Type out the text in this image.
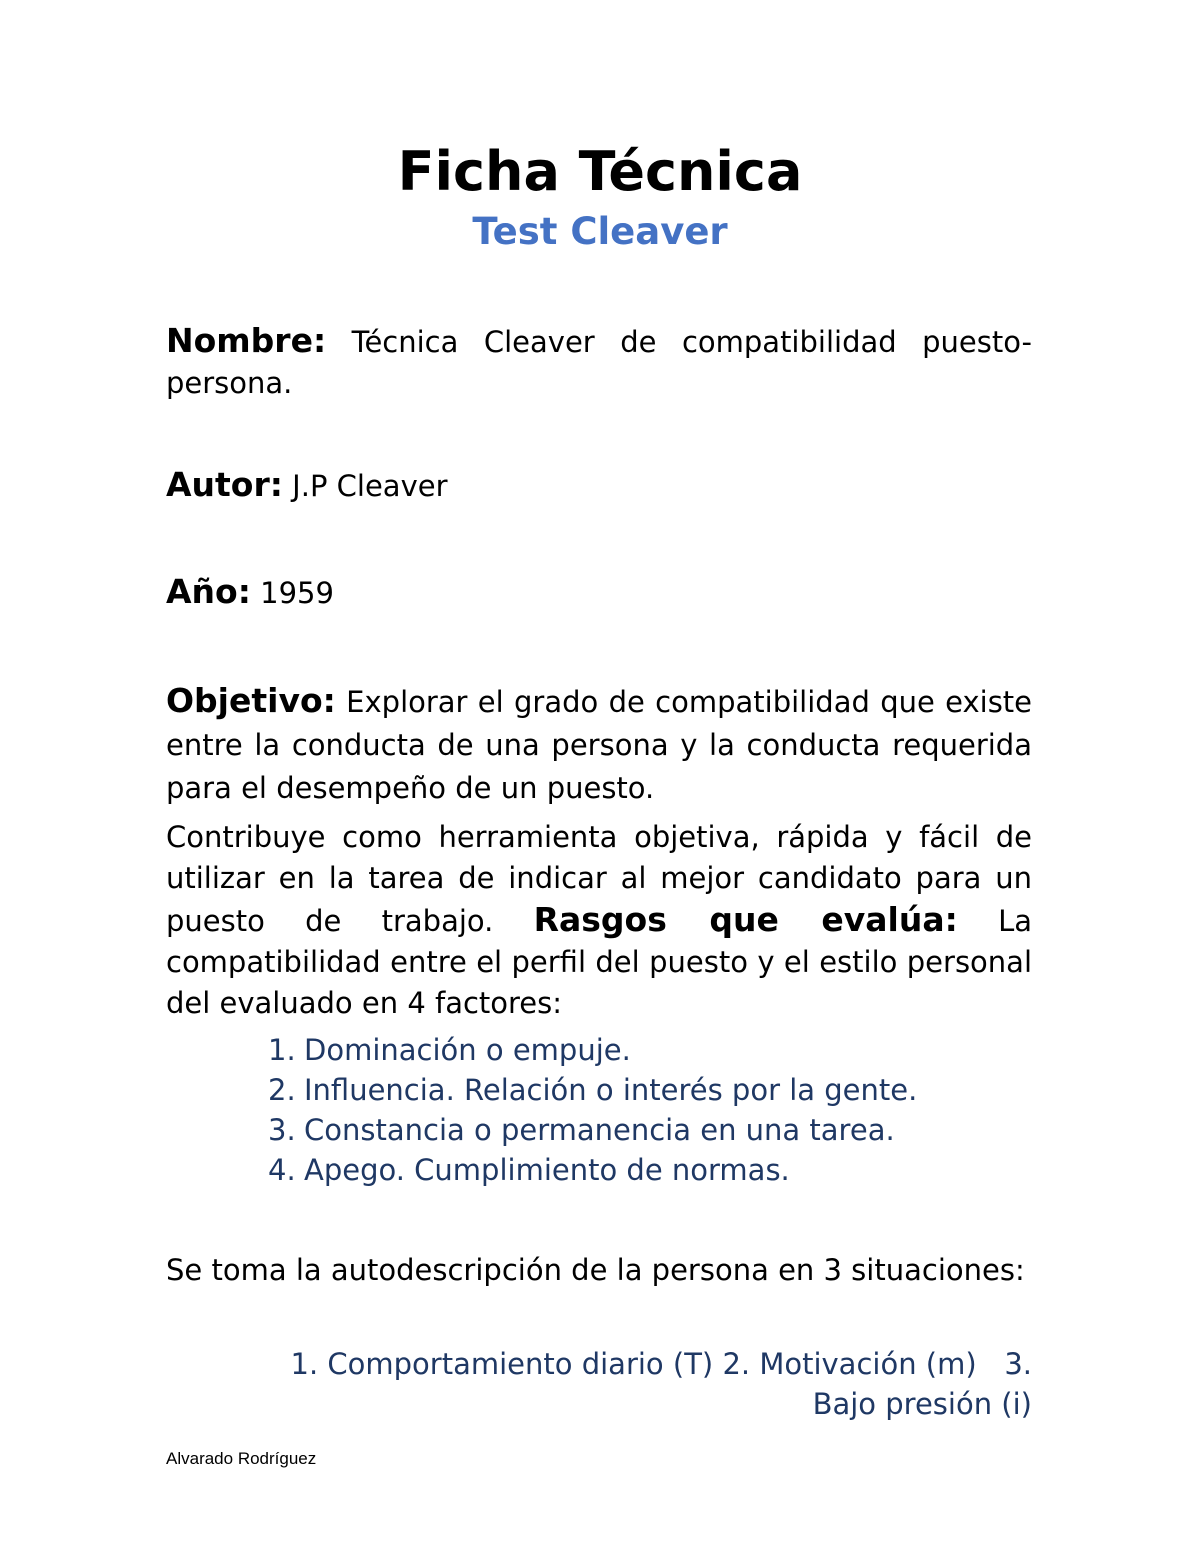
Ficha Técnica
Test Cleaver

Nombre: Técnica Cleaver de compatibilidad puesto-persona.

Autor: J.P Cleaver

Año: 1959

Objetivo: Explorar el grado de compatibilidad que existe entre la conducta de una persona y la conducta requerida para el desempeño de un puesto.

Contribuye como herramienta objetiva, rápida y fácil de utilizar en la tarea de indicar al mejor candidato para un puesto de trabajo. Rasgos que evalúa: La compatibilidad entre el perfil del puesto y el estilo personal del evaluado en 4 factores:

1. Dominación o empuje.
2. Influencia. Relación o interés por la gente.
3. Constancia o permanencia en una tarea.
4. Apego. Cumplimiento de normas.

Se toma la autodescripción de la persona en 3 situaciones:

1. Comportamiento diario (T) 2. Motivación (m)   3.
Bajo presión (i)

Alvarado Rodríguez
